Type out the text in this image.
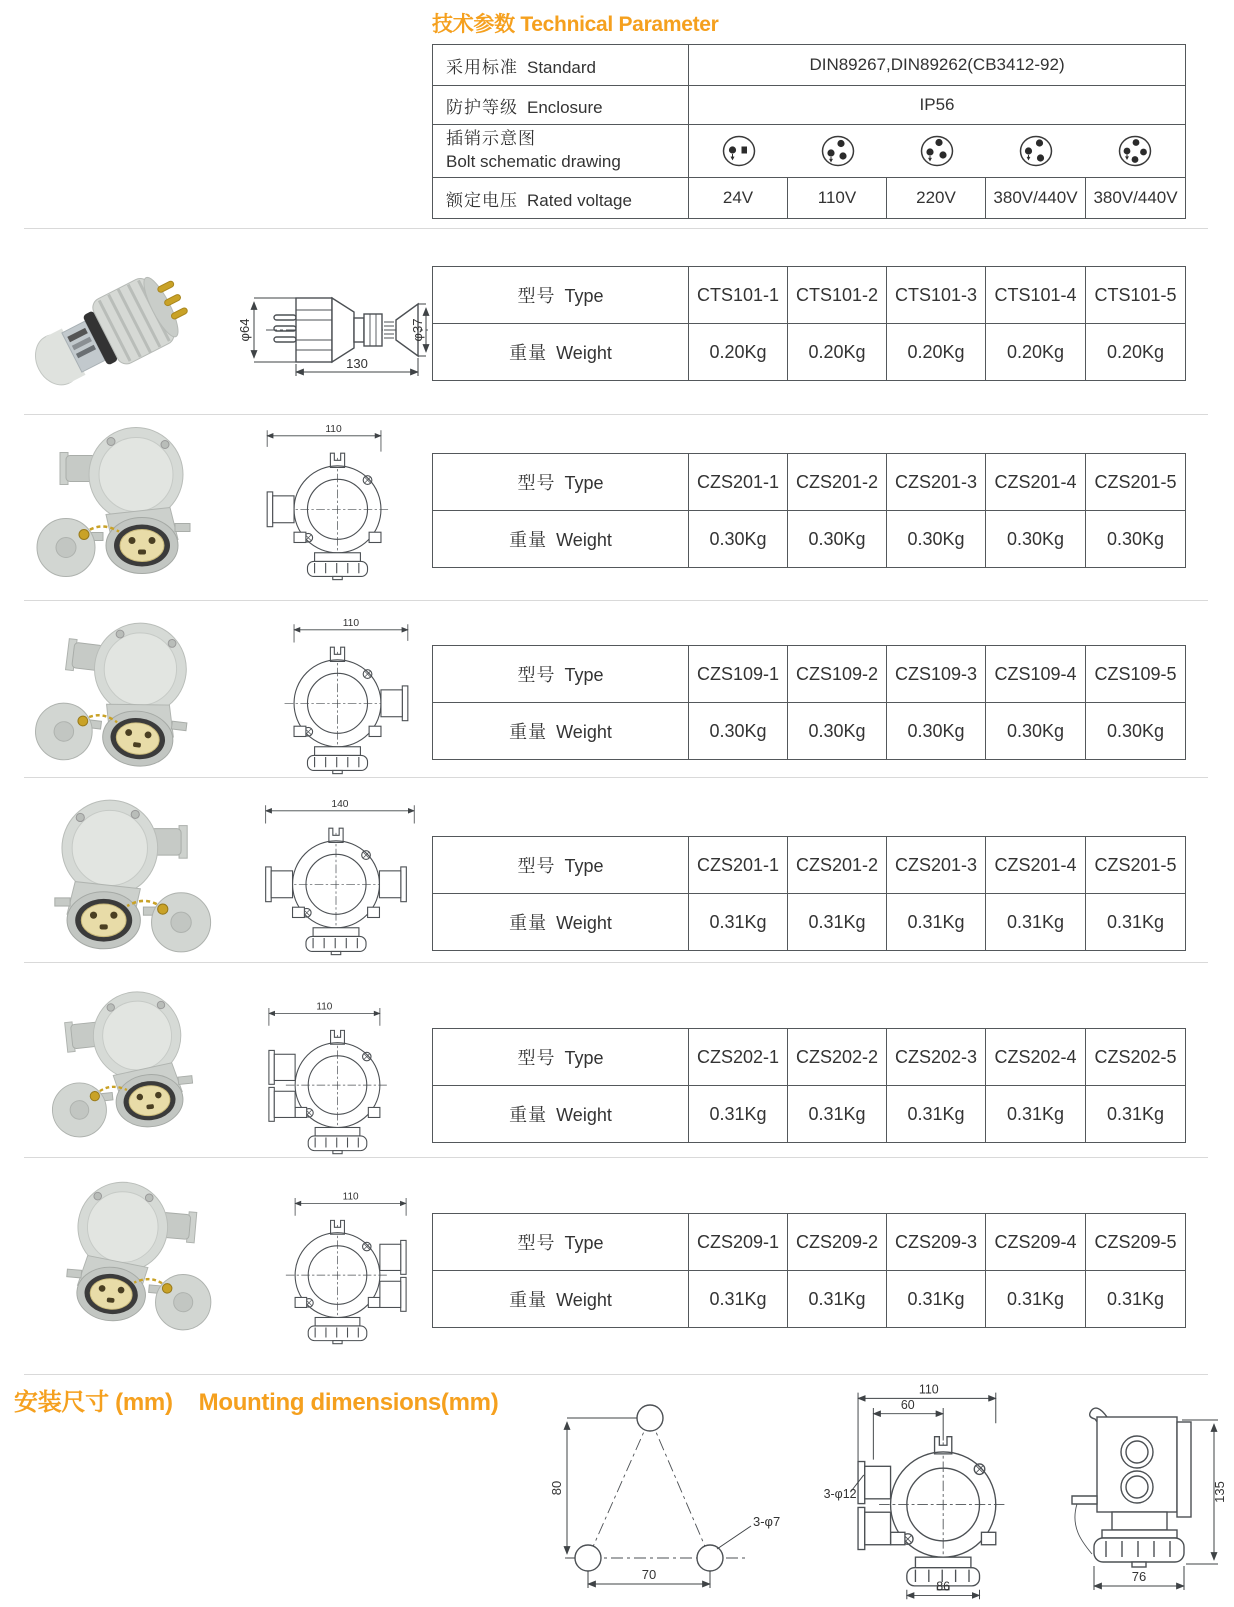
技术参数 Technical Parameter
采用标准 Standard	DIN89267,DIN89262(CB3412-92)				
防护等级 Enclosure	IP56				
插销示意图
Bolt schematic drawing	

额定电压 Rated voltage	24V	110V	220V	380V/440V	380V/440V
φ64	φ37
130
型号 Type	CTS101-1	CTS101-2	CTS101-3	CTS101-4	CTS101-5
重量 Weight	0.20Kg	0.20Kg	0.20Kg	0.20Kg	0.20Kg
110
型号 Type	CZS201-1	CZS201-2	CZS201-3	CZS201-4	CZS201-5
重量 Weight	0.30Kg	0.30Kg	0.30Kg	0.30Kg	0.30Kg
110
型号 Type	CZS109-1	CZS109-2	CZS109-3	CZS109-4	CZS109-5
重量 Weight	0.30Kg	0.30Kg	0.30Kg	0.30Kg	0.30Kg
140
型号 Type	CZS201-1	CZS201-2	CZS201-3	CZS201-4	CZS201-5
重量 Weight	0.31Kg	0.31Kg	0.31Kg	0.31Kg	0.31Kg
110
型号 Type	CZS202-1	CZS202-2	CZS202-3	CZS202-4	CZS202-5
重量 Weight	0.31Kg	0.31Kg	0.31Kg	0.31Kg	0.31Kg
110
型号 Type	CZS209-1	CZS209-2	CZS209-3	CZS209-4	CZS209-5
重量 Weight	0.31Kg	0.31Kg	0.31Kg	0.31Kg	0.31Kg
安装尺寸 (mm) Mounting dimensions(mm)
80
70
3-φ7
110
60
3-φ12
86
135
76
